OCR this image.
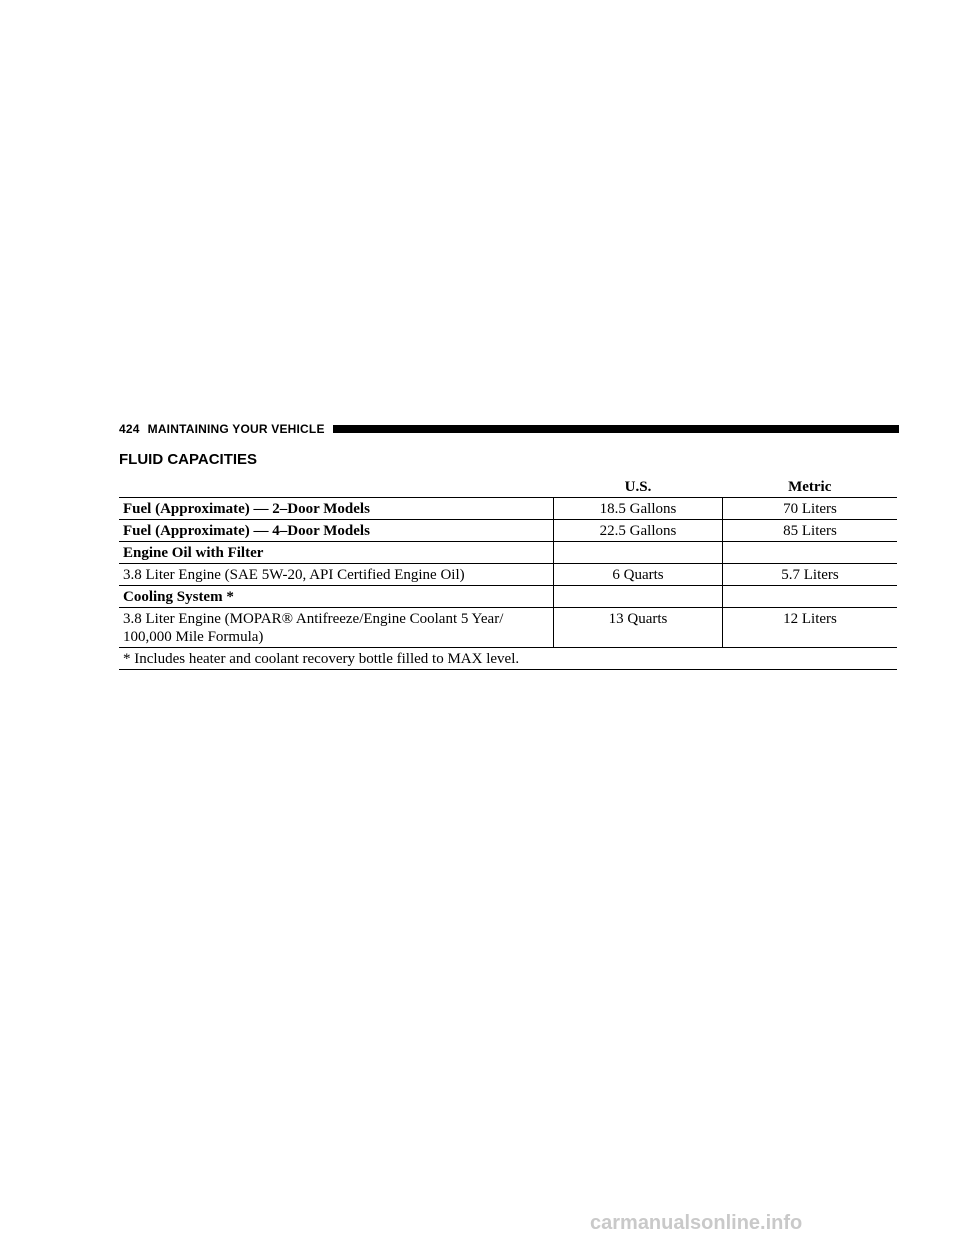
424 MAINTAINING YOUR VEHICLE
FLUID CAPACITIES
	U.S.	Metric
Fuel (Approximate) — 2–Door Models	18.5 Gallons	70 Liters
Fuel (Approximate) — 4–Door Models	22.5 Gallons	85 Liters
Engine Oil with Filter		
3.8 Liter Engine (SAE 5W-20, API Certified Engine Oil)	6 Quarts	5.7 Liters
Cooling System *		

3.8 Liter Engine (MOPAR® Antifreeze/Engine Coolant 5 Year/
100,000 Mile Formula)	13 Quarts	12 Liters
* Includes heater and coolant recovery bottle filled to MAX level.		
carmanualsonline.info
